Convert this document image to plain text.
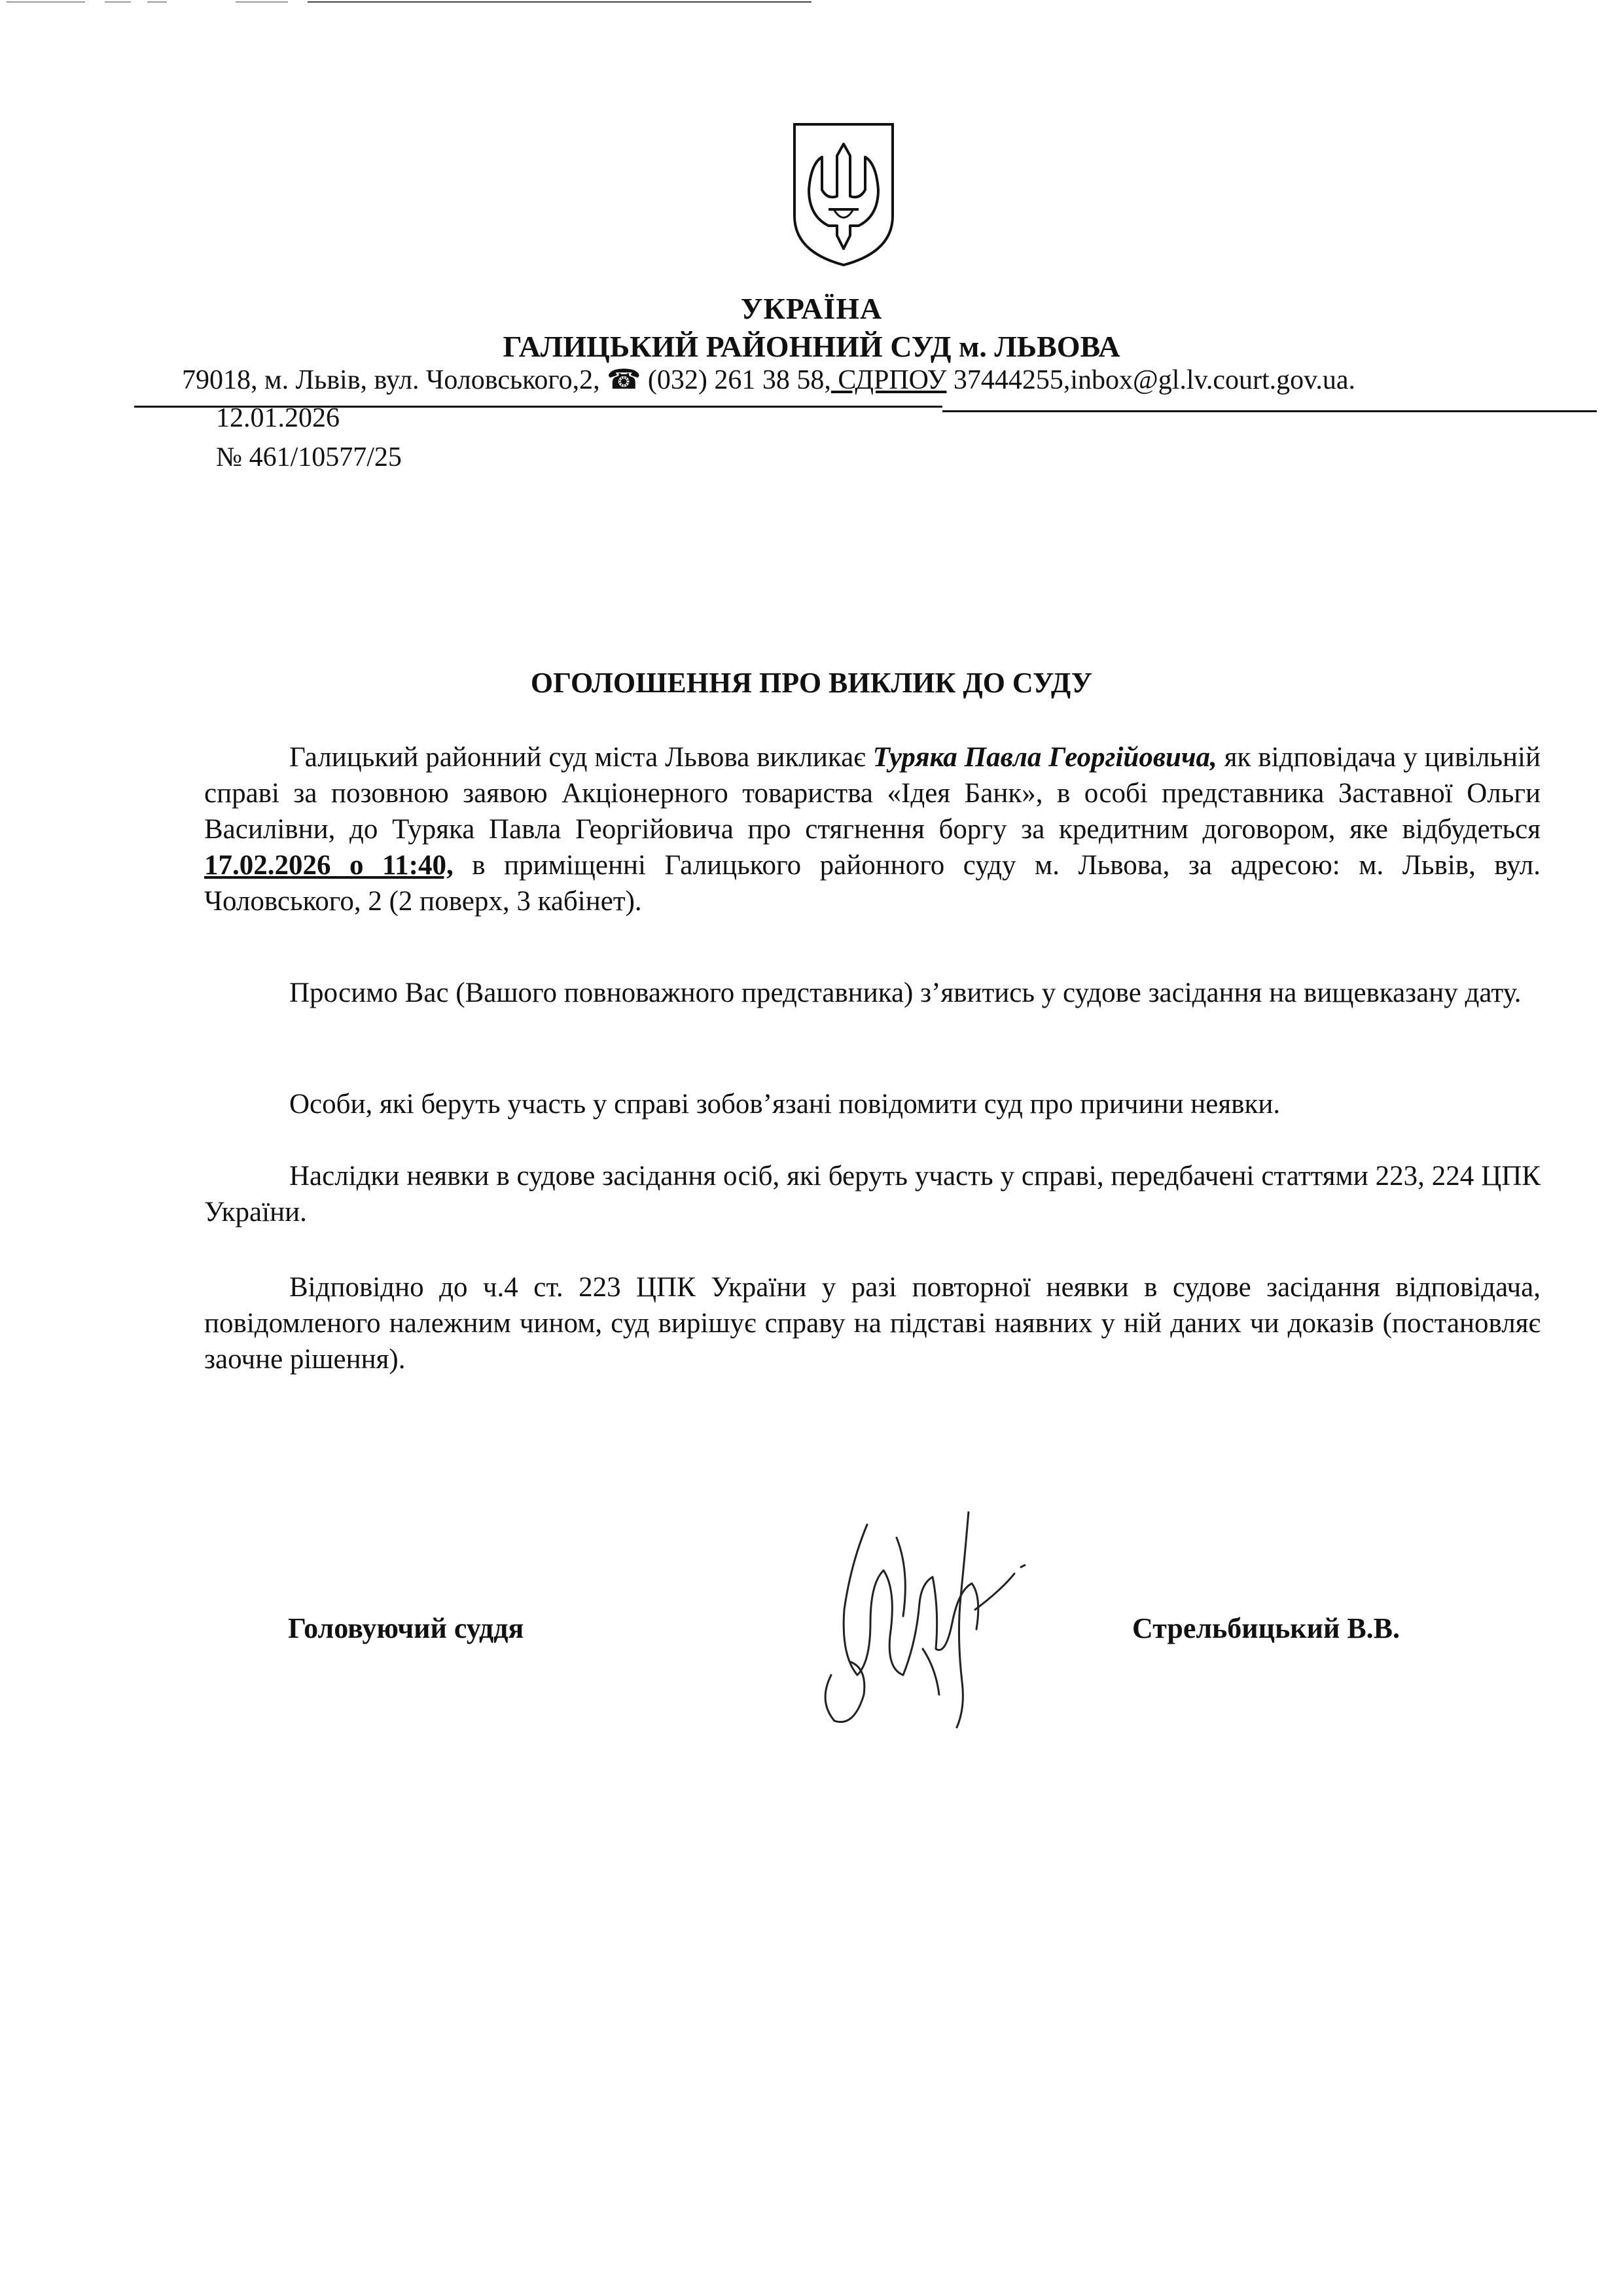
УКРАЇНА
ГАЛИЦЬКИЙ РАЙОННИЙ СУД м. ЛЬВОВА
79018, м. Львів, вул. Чоловського,2, ☎ (032) 261 38 58, СДРПОУ 37444255,inbox@gl.lv.court.gov.ua.
12.01.2026
№ 461/10577/25
ОГОЛОШЕННЯ ПРО ВИКЛИК ДО СУДУ

Галицький районний суд міста Львова викликає Туряка Павла Георгійовича, як відповідача у цивільній справі за позовною заявою Акціонерного товариства «Ідея Банк», в особі представника Заставної Ольги Василівни, до Туряка Павла Георгійовича про стягнення боргу за кредитним договором, яке відбудеться 17.02.2026 о 11:40, в приміщенні Галицького районного суду м. Львова, за адресою: м. Львів, вул. Чоловського, 2 (2 поверх, 3 кабінет).

Просимо Вас (Вашого повноважного представника) з’явитись у судове засідання на вищевказану дату.

Особи, які беруть участь у справі зобов’язані повідомити суд про причини неявки.

Наслідки неявки в судове засідання осіб, які беруть участь у справі, передбачені статтями 223, 224 ЦПК України.

Відповідно до ч.4 ст. 223 ЦПК України у разі повторної неявки в судове засідання відповідача, повідомленого належним чином, суд вирішує справу на підставі наявних у ній даних чи доказів (постановляє заочне рішення).

Головуючий суддя	Стрельбицький В.В.
